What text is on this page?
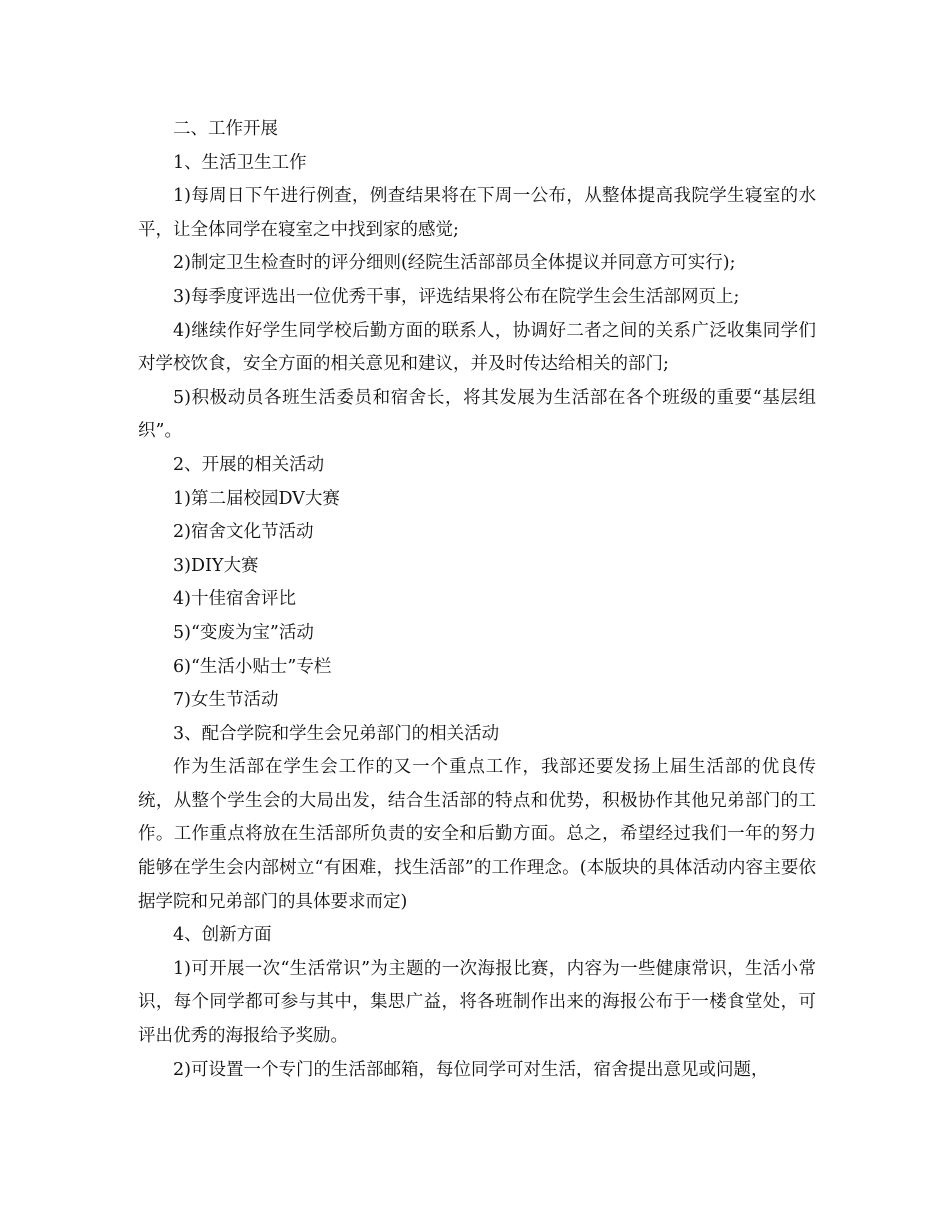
二、工作开展

1、生活卫生工作

1)每周日下午进行例查，例查结果将在下周一公布，从整体提高我院学生寝室的水平，让全体同学在寝室之中找到家的感觉;

2)制定卫生检查时的评分细则(经院生活部部员全体提议并同意方可实行);

3)每季度评选出一位优秀干事，评选结果将公布在院学生会生活部网页上;

4)继续作好学生同学校后勤方面的联系人，协调好二者之间的关系广泛收集同学们对学校饮食，安全方面的相关意见和建议，并及时传达给相关的部门;

5)积极动员各班生活委员和宿舍长，将其发展为生活部在各个班级的重要“基层组织”。

2、开展的相关活动

1)第二届校园DV大赛

2)宿舍文化节活动

3)DIY大赛

4)十佳宿舍评比

5)“变废为宝”活动

6)“生活小贴士”专栏

7)女生节活动

3、配合学院和学生会兄弟部门的相关活动

作为生活部在学生会工作的又一个重点工作，我部还要发扬上届生活部的优良传统，从整个学生会的大局出发，结合生活部的特点和优势，积极协作其他兄弟部门的工作。工作重点将放在生活部所负责的安全和后勤方面。总之，希望经过我们一年的努力能够在学生会内部树立“有困难，找生活部”的工作理念。(本版块的具体活动内容主要依据学院和兄弟部门的具体要求而定)

4、创新方面

1)可开展一次“生活常识”为主题的一次海报比赛，内容为一些健康常识，生活小常识，每个同学都可参与其中，集思广益，将各班制作出来的海报公布于一楼食堂处，可评出优秀的海报给予奖励。

2)可设置一个专门的生活部邮箱，每位同学可对生活，宿舍提出意见或问题，
